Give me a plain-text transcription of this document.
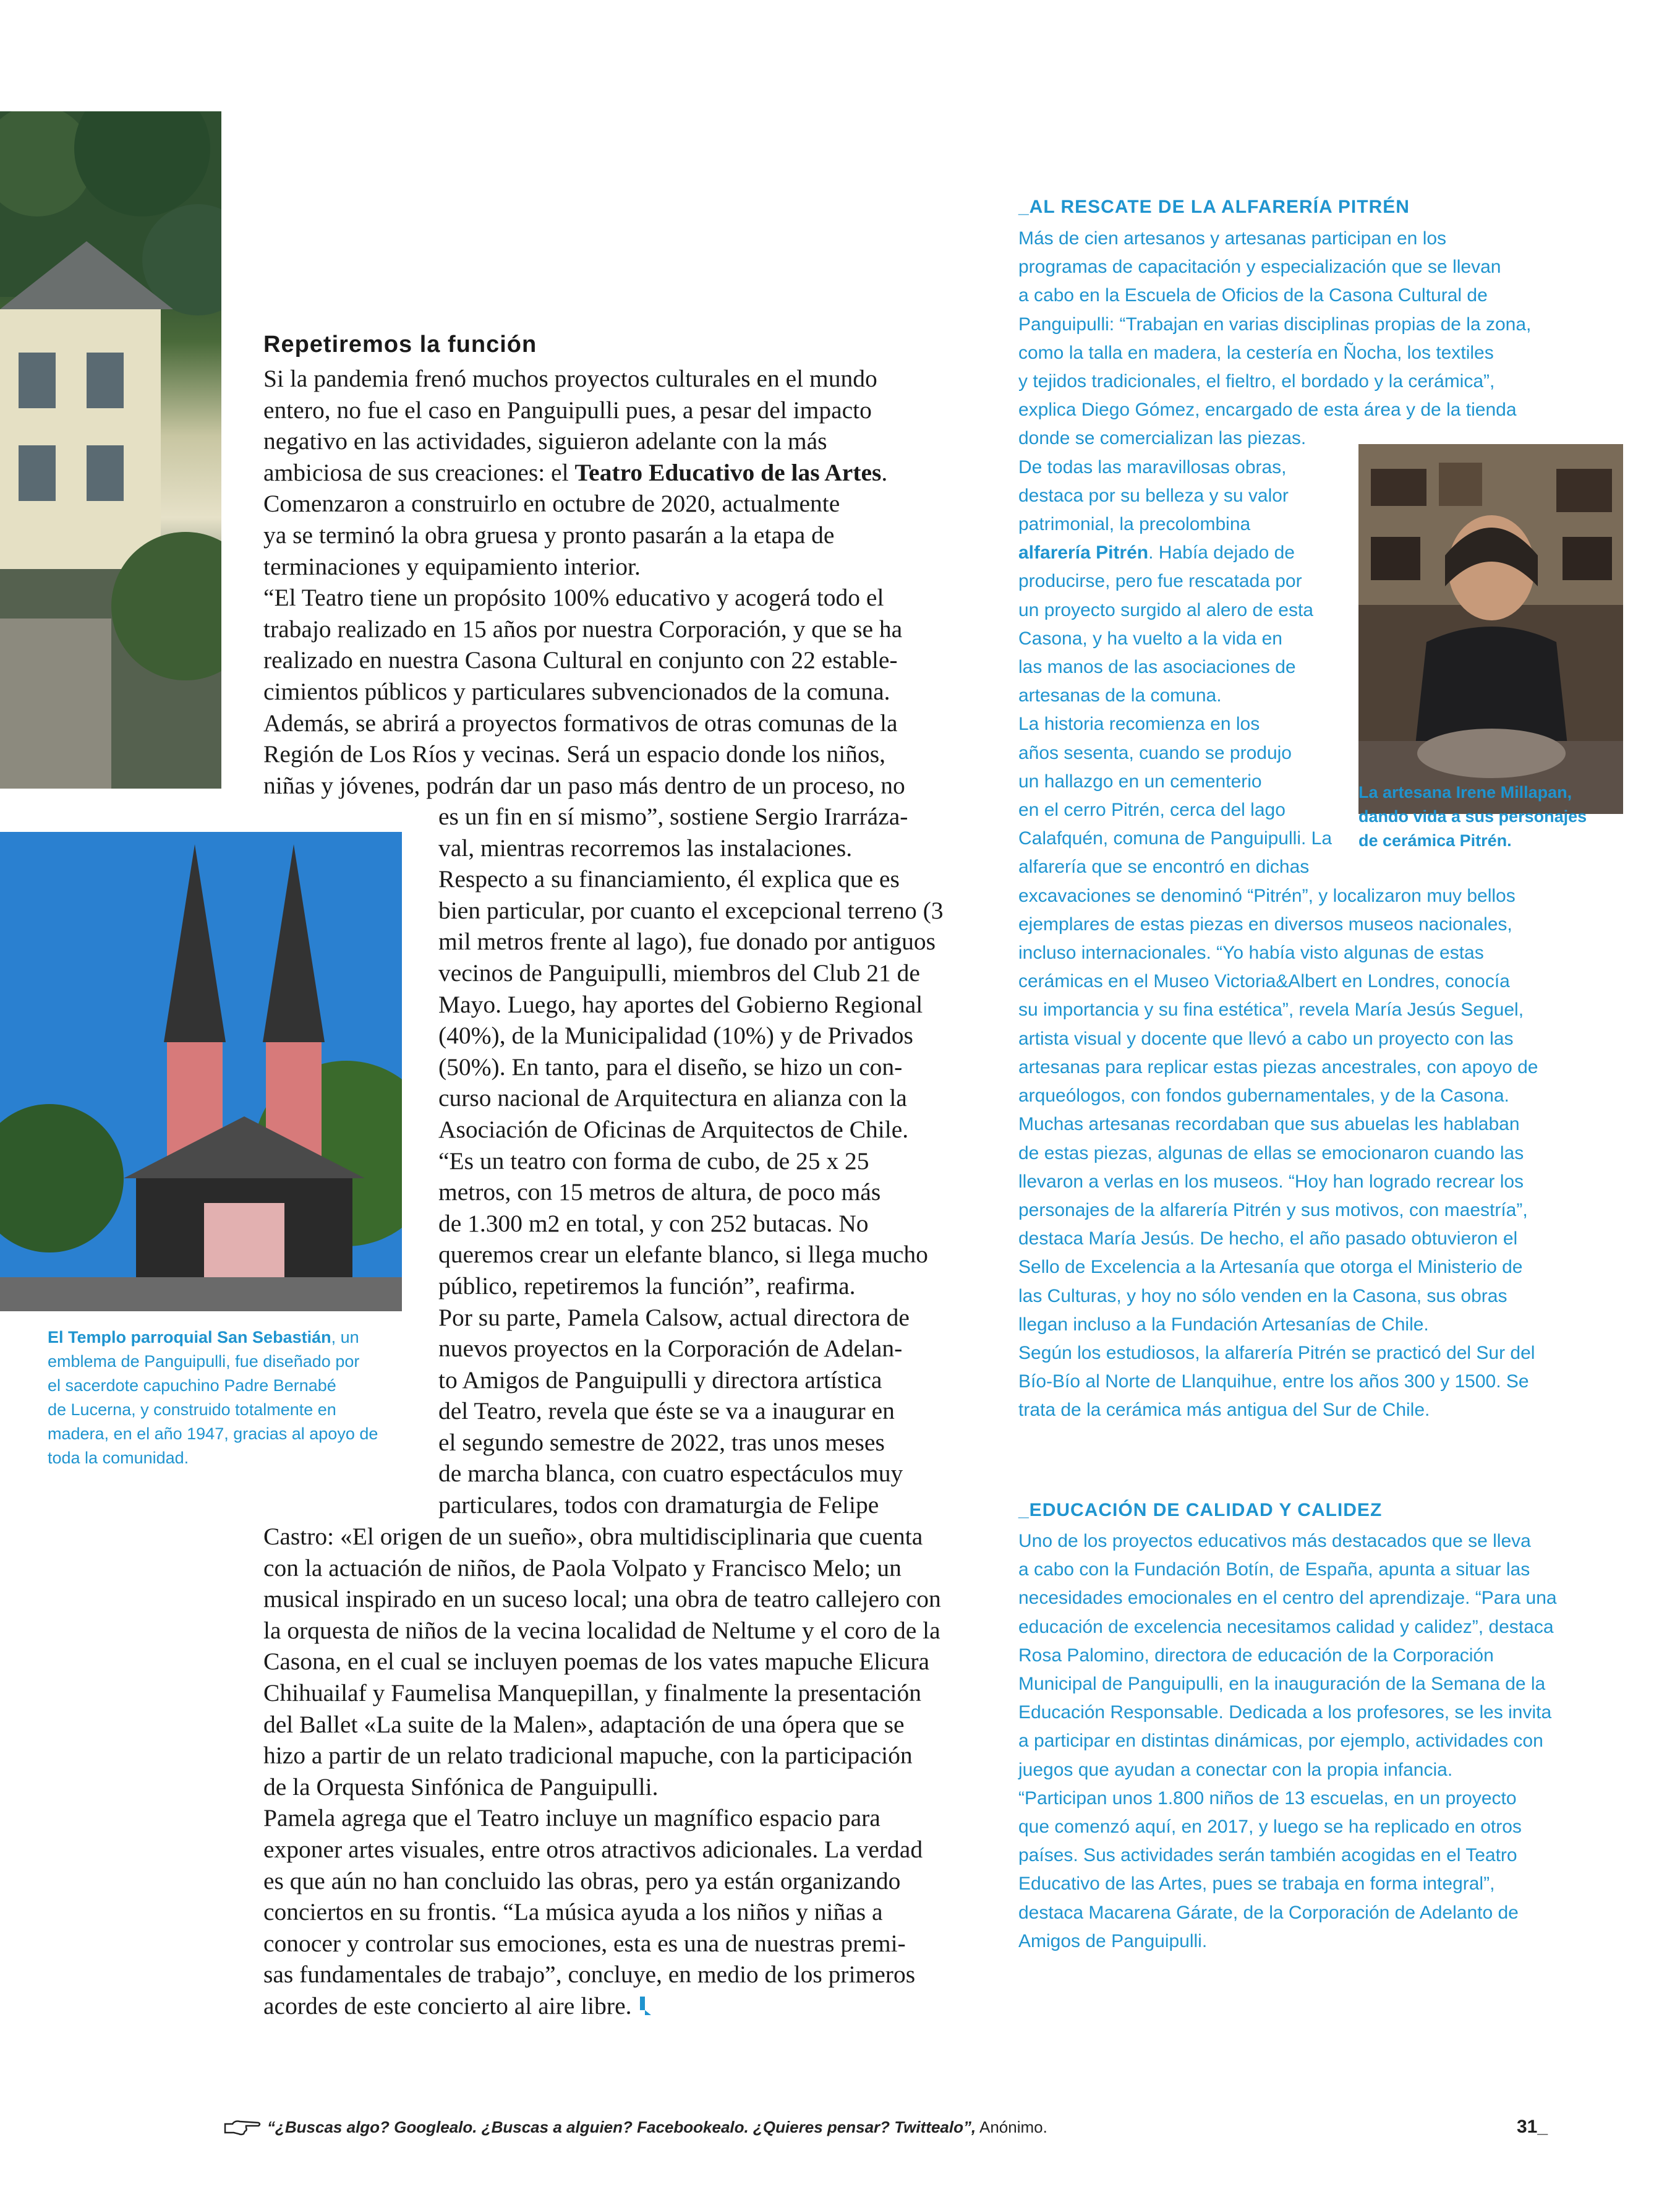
Repetiremos la función
Si la pandemia frenó muchos proyectos culturales en el mundo
entero, no fue el caso en Panguipulli pues, a pesar del impacto
negativo en las actividades, siguieron adelante con la más
ambiciosa de sus creaciones: el Teatro Educativo de las Artes.
Comenzaron a construirlo en octubre de 2020, actualmente
ya se terminó la obra gruesa y pronto pasarán a la etapa de
terminaciones y equipamiento interior.
“El Teatro tiene un propósito 100% educativo y acogerá todo el
trabajo realizado en 15 años por nuestra Corporación, y que se ha
realizado en nuestra Casona Cultural en conjunto con 22 estable-
cimientos públicos y particulares subvencionados de la comuna.
Además, se abrirá a proyectos formativos de otras comunas de la
Región de Los Ríos y vecinas. Será un espacio donde los niños,
niñas y jóvenes, podrán dar un paso más dentro de un proceso, no
es un fin en sí mismo”, sostiene Sergio Irarráza-
val, mientras recorremos las instalaciones.
Respecto a su financiamiento, él explica que es
bien particular, por cuanto el excepcional terreno (3
mil metros frente al lago), fue donado por antiguos
vecinos de Panguipulli, miembros del Club 21 de
Mayo. Luego, hay aportes del Gobierno Regional
(40%), de la Municipalidad (10%) y de Privados
(50%). En tanto, para el diseño, se hizo un con-
curso nacional de Arquitectura en alianza con la
Asociación de Oficinas de Arquitectos de Chile.
“Es un teatro con forma de cubo, de 25 x 25
metros, con 15 metros de altura, de poco más
de 1.300 m2 en total, y con 252 butacas. No
queremos crear un elefante blanco, si llega mucho
público, repetiremos la función”, reafirma.
Por su parte, Pamela Calsow, actual directora de
nuevos proyectos en la Corporación de Adelan-
to Amigos de Panguipulli y directora artística
del Teatro, revela que éste se va a inaugurar en
el segundo semestre de 2022, tras unos meses
de marcha blanca, con cuatro espectáculos muy
particulares, todos con dramaturgia de Felipe
Castro: «El origen de un sueño», obra multidisciplinaria que cuenta
con la actuación de niños, de Paola Volpato y Francisco Melo; un
musical inspirado en un suceso local; una obra de teatro callejero con
la orquesta de niños de la vecina localidad de Neltume y el coro de la
Casona, en el cual se incluyen poemas de los vates mapuche Elicura
Chihuailaf y Faumelisa Manquepillan, y finalmente la presentación
del Ballet «La suite de la Malen», adaptación de una ópera que se
hizo a partir de un relato tradicional mapuche, con la participación
de la Orquesta Sinfónica de Panguipulli.
Pamela agrega que el Teatro incluye un magnífico espacio para
exponer artes visuales, entre otros atractivos adicionales. La verdad
es que aún no han concluido las obras, pero ya están organizando
conciertos en su frontis. “La música ayuda a los niños y niñas a
conocer y controlar sus emociones, esta es una de nuestras premi-
sas fundamentales de trabajo”, concluye, en medio de los primeros
acordes de este concierto al aire libre.
El Templo parroquial San Sebastián, un
emblema de Panguipulli, fue diseñado por
el sacerdote capuchino Padre Bernabé
de Lucerna, y construido totalmente en
madera, en el año 1947, gracias al apoyo de
toda la comunidad.
_AL RESCATE DE LA ALFARERÍA PITRÉN
Más de cien artesanos y artesanas participan en los
programas de capacitación y especialización que se llevan
a cabo en la Escuela de Oficios de la Casona Cultural de
Panguipulli: “Trabajan en varias disciplinas propias de la zona,
como la talla en madera, la cestería en Ñocha, los textiles
y tejidos tradicionales, el fieltro, el bordado y la cerámica”,
explica Diego Gómez, encargado de esta área y de la tienda
donde se comercializan las piezas.
De todas las maravillosas obras,
destaca por su belleza y su valor
patrimonial, la precolombina
alfarería Pitrén. Había dejado de
producirse, pero fue rescatada por
un proyecto surgido al alero de esta
Casona, y ha vuelto a la vida en
las manos de las asociaciones de
artesanas de la comuna.
La historia recomienza en los
años sesenta, cuando se produjo
un hallazgo en un cementerio
en el cerro Pitrén, cerca del lago
Calafquén, comuna de Panguipulli. La
alfarería que se encontró en dichas
excavaciones se denominó “Pitrén”, y localizaron muy bellos
ejemplares de estas piezas en diversos museos nacionales,
incluso internacionales. “Yo había visto algunas de estas
cerámicas en el Museo Victoria&Albert en Londres, conocía
su importancia y su fina estética”, revela María Jesús Seguel,
artista visual y docente que llevó a cabo un proyecto con las
artesanas para replicar estas piezas ancestrales, con apoyo de
arqueólogos, con fondos gubernamentales, y de la Casona.
Muchas artesanas recordaban que sus abuelas les hablaban
de estas piezas, algunas de ellas se emocionaron cuando las
llevaron a verlas en los museos. “Hoy han logrado recrear los
personajes de la alfarería Pitrén y sus motivos, con maestría”,
destaca María Jesús. De hecho, el año pasado obtuvieron el
Sello de Excelencia a la Artesanía que otorga el Ministerio de
las Culturas, y hoy no sólo venden en la Casona, sus obras
llegan incluso a la Fundación Artesanías de Chile.
Según los estudiosos, la alfarería Pitrén se practicó del Sur del
Bío-Bío al Norte de Llanquihue, entre los años 300 y 1500. Se
trata de la cerámica más antigua del Sur de Chile.
La artesana Irene Millapan,
dando vida a sus personajes
de cerámica Pitrén.
_EDUCACIÓN DE CALIDAD Y CALIDEZ
Uno de los proyectos educativos más destacados que se lleva
a cabo con la Fundación Botín, de España, apunta a situar las
necesidades emocionales en el centro del aprendizaje. “Para una
educación de excelencia necesitamos calidad y calidez”, destaca
Rosa Palomino, directora de educación de la Corporación
Municipal de Panguipulli, en la inauguración de la Semana de la
Educación Responsable. Dedicada a los profesores, se les invita
a participar en distintas dinámicas, por ejemplo, actividades con
juegos que ayudan a conectar con la propia infancia.
“Participan unos 1.800 niños de 13 escuelas, en un proyecto
que comenzó aquí, en 2017, y luego se ha replicado en otros
países. Sus actividades serán también acogidas en el Teatro
Educativo de las Artes, pues se trabaja en forma integral”,
destaca Macarena Gárate, de la Corporación de Adelanto de
Amigos de Panguipulli.
“¿Buscas algo? Googlealo. ¿Buscas a alguien? Facebookealo. ¿Quieres pensar? Twittealo”, Anónimo.	31_
